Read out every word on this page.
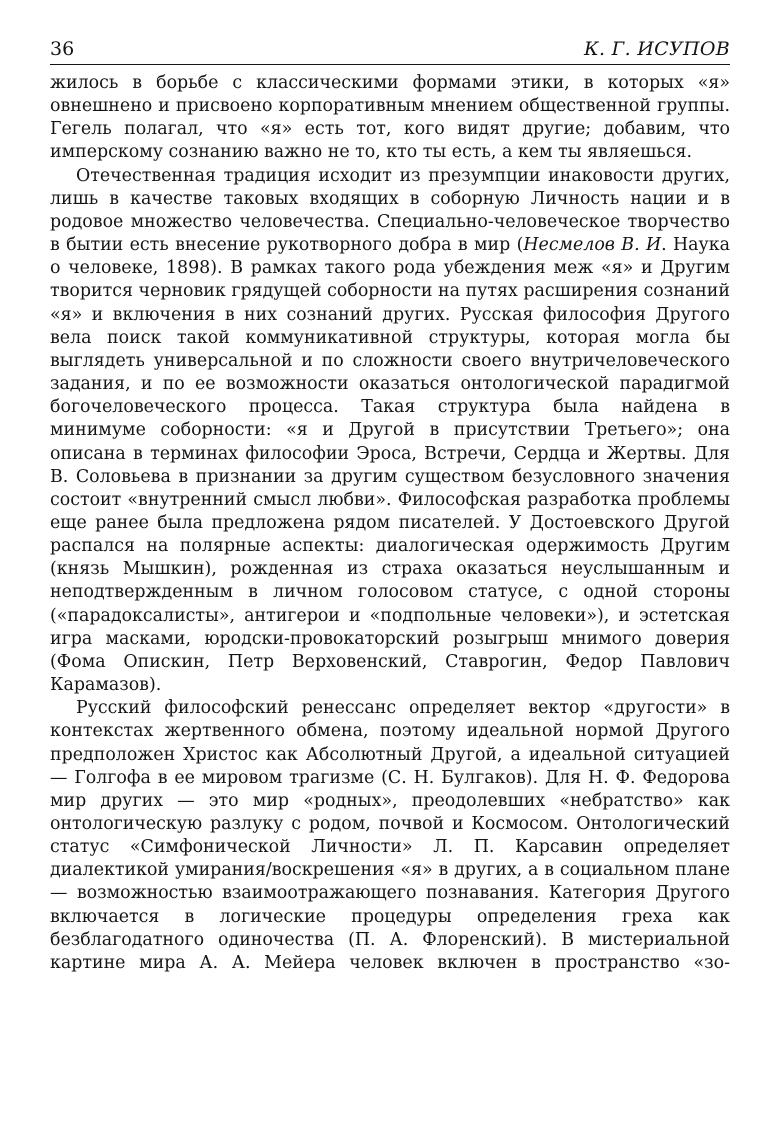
36	К. Г. ИСУПОВ

жилось в борьбе с классическими формами этики, в которых «я» овнешнено и присвоено корпоративным мнением общественной группы. Гегель полагал, что «я» есть тот, кого видят другие; добавим, что имперскому сознанию важно не то, кто ты есть, а кем ты являешься.

Отечественная традиция исходит из презумпции инаковости других, лишь в качестве таковых входящих в соборную Личность нации и в родовое множество человечества. Специально-человеческое творчество в бытии есть внесение рукотворного добра в мир (Несмелов В. И. Наука о человеке, 1898). В рамках такого рода убеждения меж «я» и Другим творится черновик грядущей соборности на путях расширения сознаний «я» и включения в них сознаний других. Русская философия Другого вела поиск такой коммуникативной структуры, которая могла бы выглядеть универсальной и по сложности своего внутричеловеческого задания, и по ее возможности оказаться онтологической парадигмой богочеловеческого процесса. Такая структура была найдена в минимуме соборности: «я и Другой в присутствии Третьего»; она описана в терминах философии Эроса, Встречи, Сердца и Жертвы. Для В. Соловьева в признании за другим существом безусловного значения состоит «внутренний смысл любви». Философская разработка проблемы еще ранее была предложена рядом писателей. У Достоевского Другой распался на полярные аспекты: диалогическая одержимость Другим (князь Мышкин), рожденная из страха оказаться неуслышанным и неподтвержденным в личном голосовом статусе, с одной стороны («парадоксалисты», антигерои и «подпольные человеки»), и эстетская игра масками, юродски-провокаторский розыгрыш мнимого доверия (Фома Опискин, Петр Верховенский, Ставрогин, Федор Павлович Карамазов).

Русский философский ренессанс определяет вектор «другости» в контекстах жертвенного обмена, поэтому идеальной нормой Другого предположен Христос как Абсолютный Другой, а идеальной ситуацией — Голгофа в ее мировом трагизме (С. Н. Булгаков). Для Н. Ф. Федорова мир других — это мир «родных», преодолевших «небратство» как онтологическую разлуку с родом, почвой и Космосом. Онтологический статус «Симфонической Личности» Л. П. Карсавин определяет диалектикой умирания/воскрешения «я» в других, а в социальном плане — возможностью взаимоотражающего познавания. Категория Другого включается в логические процедуры определения греха как безблагодатного одиночества (П. А. Флоренский). В мистериальной картине мира А. А. Мейера человек включен в пространство «зо-
